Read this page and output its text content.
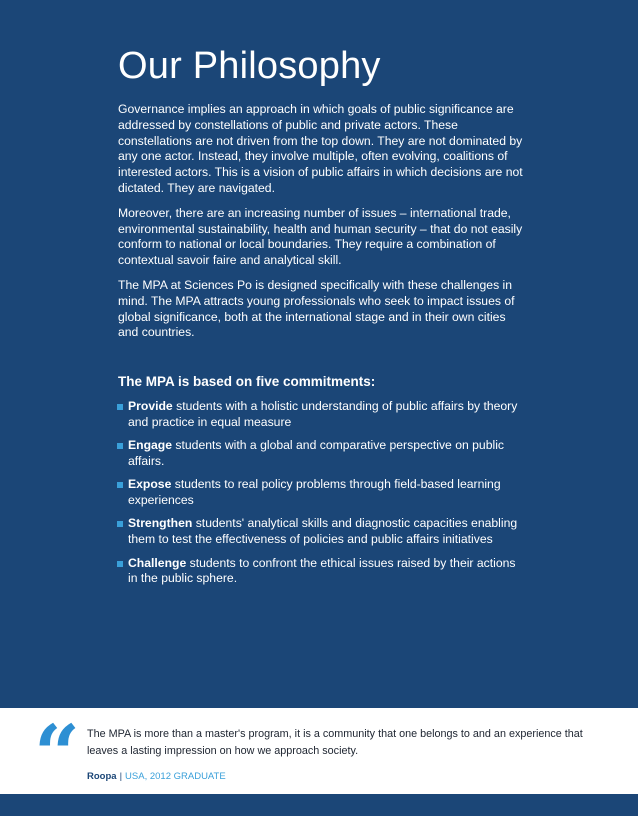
Our Philosophy

Governance implies an approach in which goals of public significance are addressed by constellations of public and private actors. These constellations are not driven from the top down. They are not dominated by any one actor. Instead, they involve multiple, often evolving, coalitions of interested actors. This is a vision of public affairs in which decisions are not dictated. They are navigated.

Moreover, there are an increasing number of issues – international trade, environmental sustainability, health and human security – that do not easily conform to national or local boundaries. They require a combination of contextual savoir faire and analytical skill.

The MPA at Sciences Po is designed specifically with these challenges in mind. The MPA attracts young professionals who seek to impact issues of global significance, both at the international stage and in their own cities and countries.

The MPA is based on five commitments:
Provide students with a holistic understanding of public affairs by theory and practice in equal measure
Engage students with a global and comparative perspective on public affairs.
Expose students to real policy problems through field-based learning experiences
Strengthen students' analytical skills and diagnostic capacities enabling them to test the effectiveness of policies and public affairs initiatives
Challenge students to confront the ethical issues raised by their actions in the public sphere.
“ The MPA is more than a master's program, it is a community that one belongs to and an experience that leaves a lasting impression on how we approach society.
Roopa | USA, 2012 GRADUATE
